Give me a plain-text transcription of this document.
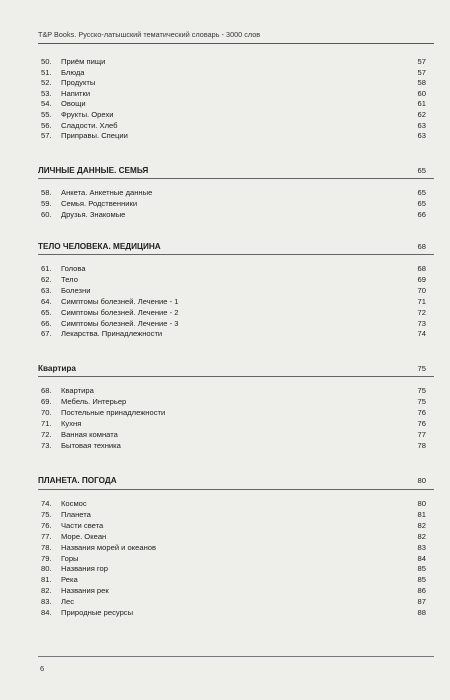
T&P Books. Русско-латышский тематический словарь - 3000 слов
50. Приём пищи	57
51. Блюда	57
52. Продукты	58
53. Напитки	60
54. Овощи	61
55. Фрукты. Орехи	62
56. Сладости. Хлеб	63
57. Приправы. Специи	63
ЛИЧНЫЕ ДАННЫЕ. СЕМЬЯ	65
58. Анкета. Анкетные данные	65
59. Семья. Родственники	65
60. Друзья. Знакомые	66
ТЕЛО ЧЕЛОВЕКА. МЕДИЦИНА	68
61. Голова	68
62. Тело	69
63. Болезни	70
64. Симптомы болезней. Лечение - 1	71
65. Симптомы болезней. Лечение - 2	72
66. Симптомы болезней. Лечение - 3	73
67. Лекарства. Принадлежности	74
Квартира	75
68. Квартира	75
69. Мебель. Интерьер	75
70. Постельные принадлежности	76
71. Кухня	76
72. Ванная комната	77
73. Бытовая техника	78
ПЛАНЕТА. ПОГОДА	80
74. Космос	80
75. Планета	81
76. Части света	82
77. Море. Океан	82
78. Названия морей и океанов	83
79. Горы	84
80. Названия гор	85
81. Река	85
82. Названия рек	86
83. Лес	87
84. Природные ресурсы	88
6
